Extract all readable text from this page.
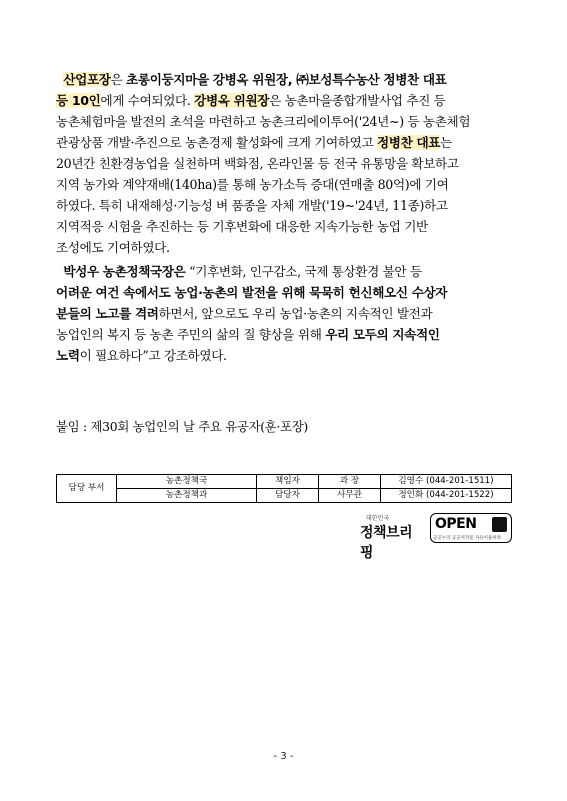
산업포장은 초롱이둥지마을 강병옥 위원장, ㈜보성특수농산 정병찬 대표
등 10인에게 수여되었다. 강병옥 위원장은 농촌마을종합개발사업 추진 등
농촌체험마을 발전의 초석을 마련하고 농촌크리에이투어('24년~) 등 농촌체험
관광상품 개발·추진으로 농촌경제 활성화에 크게 기여하였고 정병찬 대표는
20년간 친환경농업을 실천하며 백화점, 온라인몰 등 전국 유통망을 확보하고
지역 농가와 계약재배(140ha)를 통해 농가소득 증대(연매출 80억)에 기여
하였다. 특히 내재해성·기능성 벼 품종을 자체 개발('19~'24년, 11종)하고
지역적응 시험을 추진하는 등 기후변화에 대응한 지속가능한 농업 기반
조성에도 기여하였다.
박성우 농촌정책국장은 “기후변화, 인구감소, 국제 통상환경 불안 등
어려운 여건 속에서도 농업·농촌의 발전을 위해 묵묵히 헌신해오신 수상자
분들의 노고를 격려하면서, 앞으로도 우리 농업·농촌의 지속적인 발전과
농업인의 복지 등 농촌 주민의 삶의 질 향상을 위해 우리 모두의 지속적인
노력이 필요하다”고 강조하였다.
붙임 : 제30회 농업인의 날 주요 유공자(훈·포장)
담당 부서	농촌정책국	책임자	과 장	김영수 (044-201-1511)
	농촌정책과	담당자	사무관	정인화 (044-201-1522)
대한민국
정책브리핑
OPEN
공공누리 공공저작물 자유이용허락
- 3 -
